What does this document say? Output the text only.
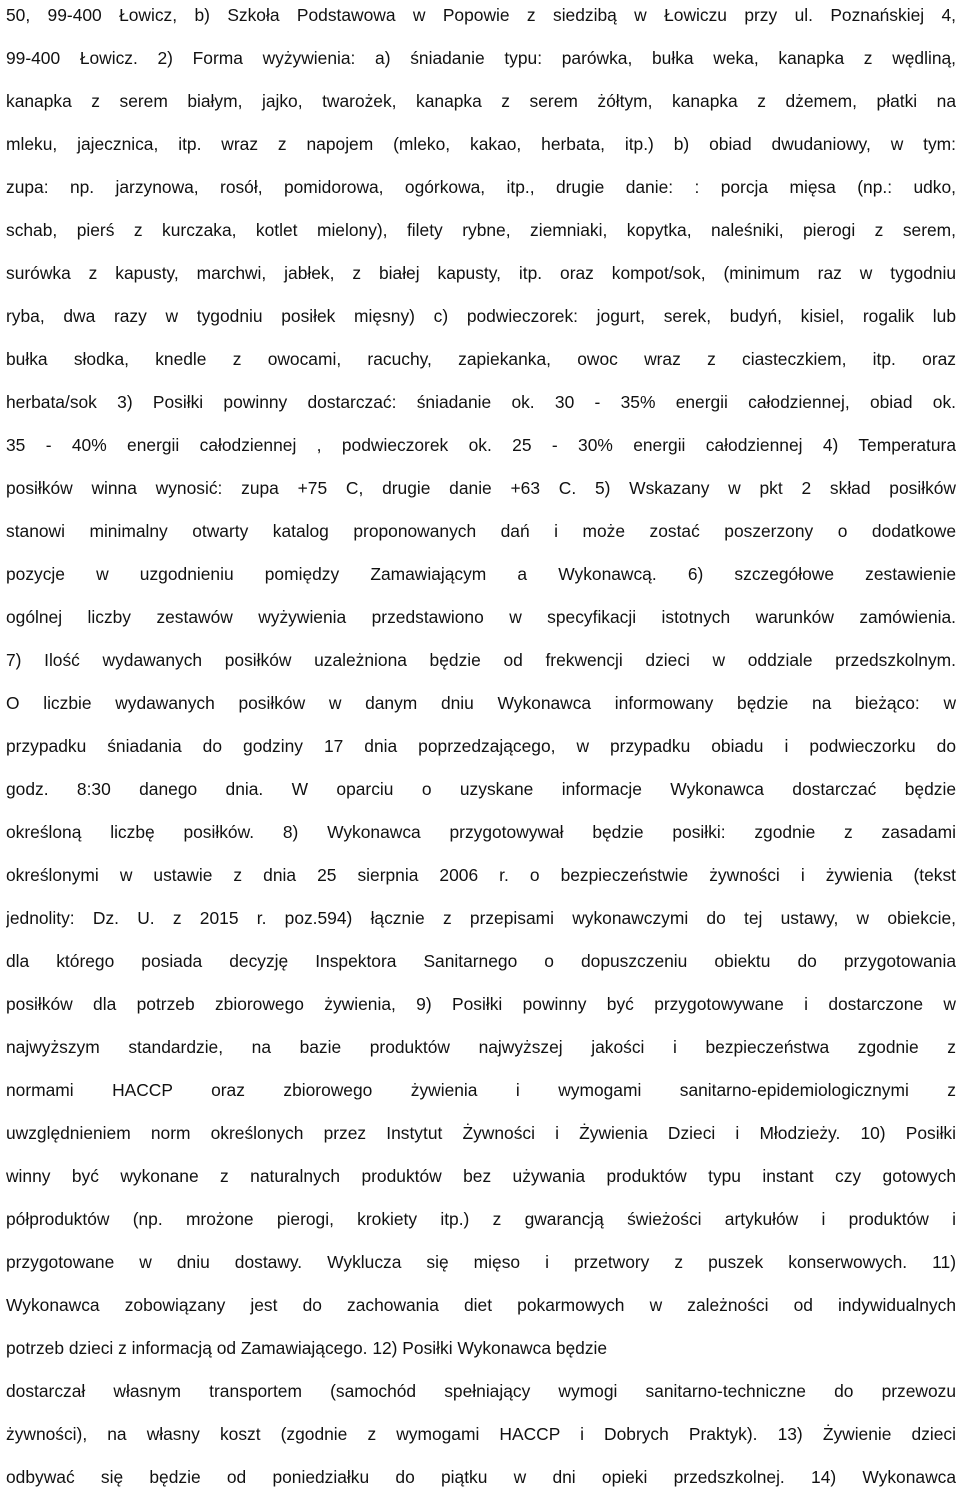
50, 99-400 Łowicz, b) Szkoła Podstawowa w Popowie z siedzibą w Łowiczu przy ul. Poznańskiej 4,
99-400 Łowicz. 2) Forma wyżywienia: a) śniadanie typu: parówka, bułka weka, kanapka z wędliną,
kanapka z serem białym, jajko, twarożek, kanapka z serem żółtym, kanapka z dżemem, płatki na
mleku, jajecznica, itp. wraz z napojem (mleko, kakao, herbata, itp.) b) obiad dwudaniowy, w tym:
zupa: np. jarzynowa, rosół, pomidorowa, ogórkowa, itp., drugie danie: : porcja mięsa (np.: udko,
schab, pierś z kurczaka, kotlet mielony), filety rybne, ziemniaki, kopytka, naleśniki, pierogi z serem,
surówka z kapusty, marchwi, jabłek, z białej kapusty, itp. oraz kompot/sok, (minimum raz w tygodniu
ryba, dwa razy w tygodniu posiłek mięsny) c) podwieczorek: jogurt, serek, budyń, kisiel, rogalik lub
bułka słodka, knedle z owocami, racuchy, zapiekanka, owoc wraz z ciasteczkiem, itp. oraz
herbata/sok 3) Posiłki powinny dostarczać: śniadanie ok. 30 - 35% energii całodziennej, obiad ok.
35 - 40% energii całodziennej , podwieczorek ok. 25 - 30% energii całodziennej 4) Temperatura
posiłków winna wynosić: zupa +75 C, drugie danie +63 C. 5) Wskazany w pkt 2 skład posiłków
stanowi minimalny otwarty katalog proponowanych dań i może zostać poszerzony o dodatkowe
pozycje w uzgodnieniu pomiędzy Zamawiającym a Wykonawcą. 6) szczegółowe zestawienie
ogólnej liczby zestawów wyżywienia przedstawiono w specyfikacji istotnych warunków zamówienia.
7) Ilość wydawanych posiłków uzależniona będzie od frekwencji dzieci w oddziale przedszkolnym.
O liczbie wydawanych posiłków w danym dniu Wykonawca informowany będzie na bieżąco: w
przypadku śniadania do godziny 17 dnia poprzedzającego, w przypadku obiadu i podwieczorku do
godz. 8:30 danego dnia. W oparciu o uzyskane informacje Wykonawca dostarczać będzie
określoną liczbę posiłków. 8) Wykonawca przygotowywał będzie posiłki: zgodnie z zasadami
określonymi w ustawie z dnia 25 sierpnia 2006 r. o bezpieczeństwie żywności i żywienia (tekst
jednolity: Dz. U. z 2015 r. poz.594) łącznie z przepisami wykonawczymi do tej ustawy, w obiekcie,
dla którego posiada decyzję Inspektora Sanitarnego o dopuszczeniu obiektu do przygotowania
posiłków dla potrzeb zbiorowego żywienia, 9) Posiłki powinny być przygotowywane i dostarczone w
najwyższym standardzie, na bazie produktów najwyższej jakości i bezpieczeństwa zgodnie z
normami HACCP oraz zbiorowego żywienia i wymogami sanitarno-epidemiologicznymi z
uwzględnieniem norm określonych przez Instytut Żywności i Żywienia Dzieci i Młodzieży. 10) Posiłki
winny być wykonane z naturalnych produktów bez używania produktów typu instant czy gotowych
półproduktów (np. mrożone pierogi, krokiety itp.) z gwarancją świeżości artykułów i produktów i
przygotowane w dniu dostawy. Wyklucza się mięso i przetwory z puszek konserwowych. 11)
Wykonawca zobowiązany jest do zachowania diet pokarmowych w zależności od indywidualnych
potrzeb dzieci z informacją od Zamawiającego. 12) Posiłki Wykonawca będzie
dostarczał własnym transportem (samochód spełniający wymogi sanitarno-techniczne do przewozu
żywności), na własny koszt (zgodnie z wymogami HACCP i Dobrych Praktyk). 13) Żywienie dzieci
odbywać się będzie od poniedziałku do piątku w dni opieki przedszkolnej. 14) Wykonawca
